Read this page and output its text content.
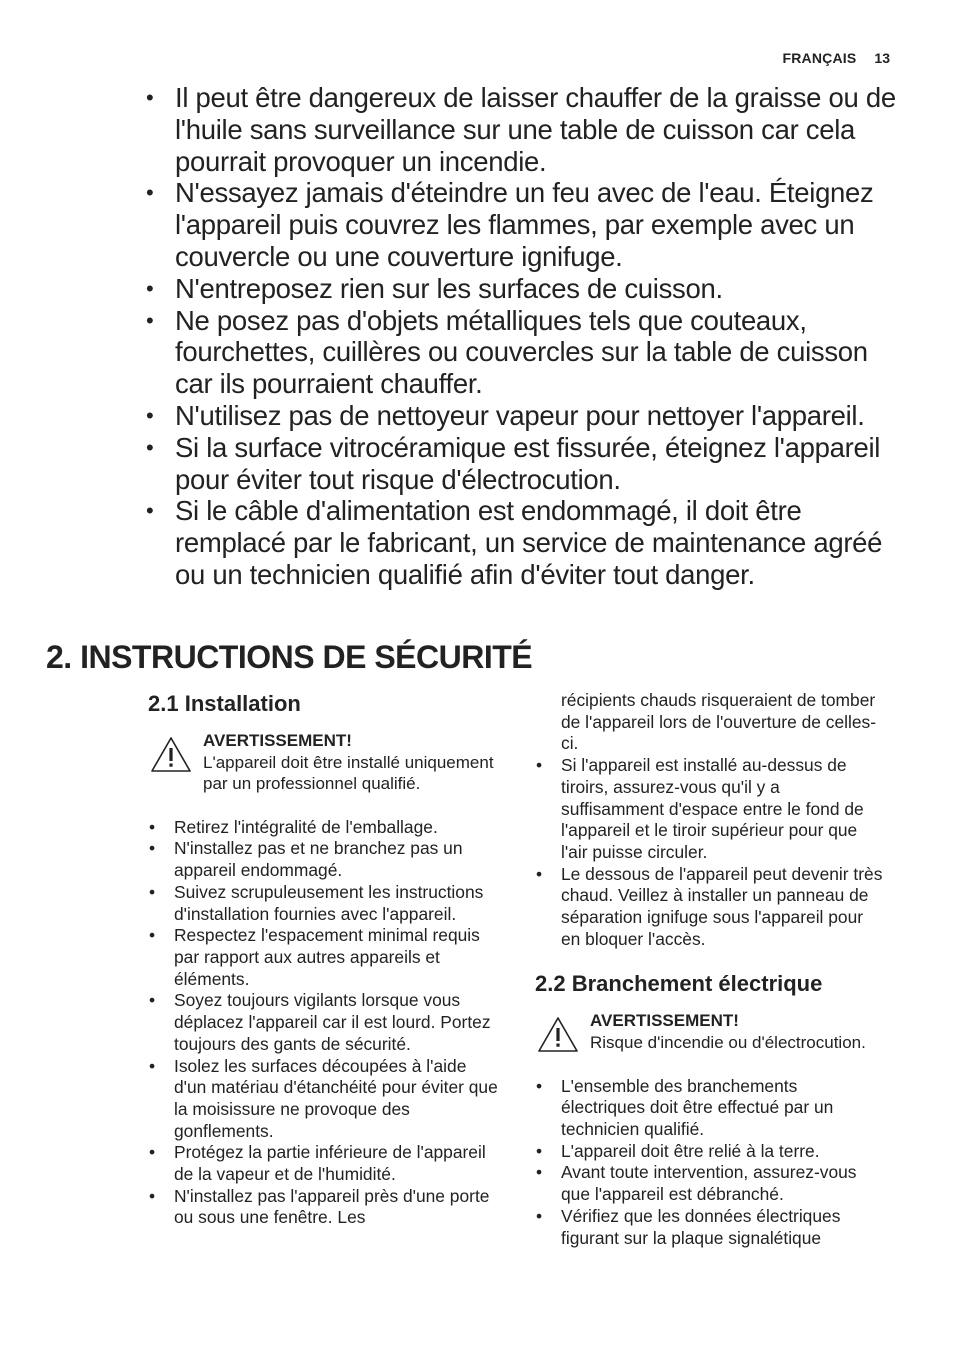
FRANÇAIS 13
• Il peut être dangereux de laisser chauffer de la graisse ou de l'huile sans surveillance sur une table de cuisson car cela pourrait provoquer un incendie.
• N'essayez jamais d'éteindre un feu avec de l'eau. Éteignez l'appareil puis couvrez les flammes, par exemple avec un couvercle ou une couverture ignifuge.
• N'entreposez rien sur les surfaces de cuisson.
• Ne posez pas d'objets métalliques tels que couteaux, fourchettes, cuillères ou couvercles sur la table de cuisson car ils pourraient chauffer.
• N'utilisez pas de nettoyeur vapeur pour nettoyer l'appareil.
• Si la surface vitrocéramique est fissurée, éteignez l'appareil pour éviter tout risque d'électrocution.
• Si le câble d'alimentation est endommagé, il doit être remplacé par le fabricant, un service de maintenance agréé ou un technicien qualifié afin d'éviter tout danger.
2. INSTRUCTIONS DE SÉCURITÉ
2.1 Installation
AVERTISSEMENT!
L'appareil doit être installé uniquement par un professionnel qualifié.
• Retirez l'intégralité de l'emballage.
• N'installez pas et ne branchez pas un appareil endommagé.
• Suivez scrupuleusement les instructions d'installation fournies avec l'appareil.
• Respectez l'espacement minimal requis par rapport aux autres appareils et éléments.
• Soyez toujours vigilants lorsque vous déplacez l'appareil car il est lourd. Portez toujours des gants de sécurité.
• Isolez les surfaces découpées à l'aide d'un matériau d'étanchéité pour éviter que la moisissure ne provoque des gonflements.
• Protégez la partie inférieure de l'appareil de la vapeur et de l'humidité.
• N'installez pas l'appareil près d'une porte ou sous une fenêtre. Les

récipients chauds risqueraient de tomber de l'appareil lors de l'ouverture de celles-ci.

• Si l'appareil est installé au-dessus de tiroirs, assurez-vous qu'il y a suffisamment d'espace entre le fond de l'appareil et le tiroir supérieur pour que l'air puisse circuler.
• Le dessous de l'appareil peut devenir très chaud. Veillez à installer un panneau de séparation ignifuge sous l'appareil pour en bloquer l'accès.
2.2 Branchement électrique
AVERTISSEMENT!
Risque d'incendie ou d'électrocution.
• L'ensemble des branchements électriques doit être effectué par un technicien qualifié.
• L'appareil doit être relié à la terre.
• Avant toute intervention, assurez-vous que l'appareil est débranché.
• Vérifiez que les données électriques figurant sur la plaque signalétique
